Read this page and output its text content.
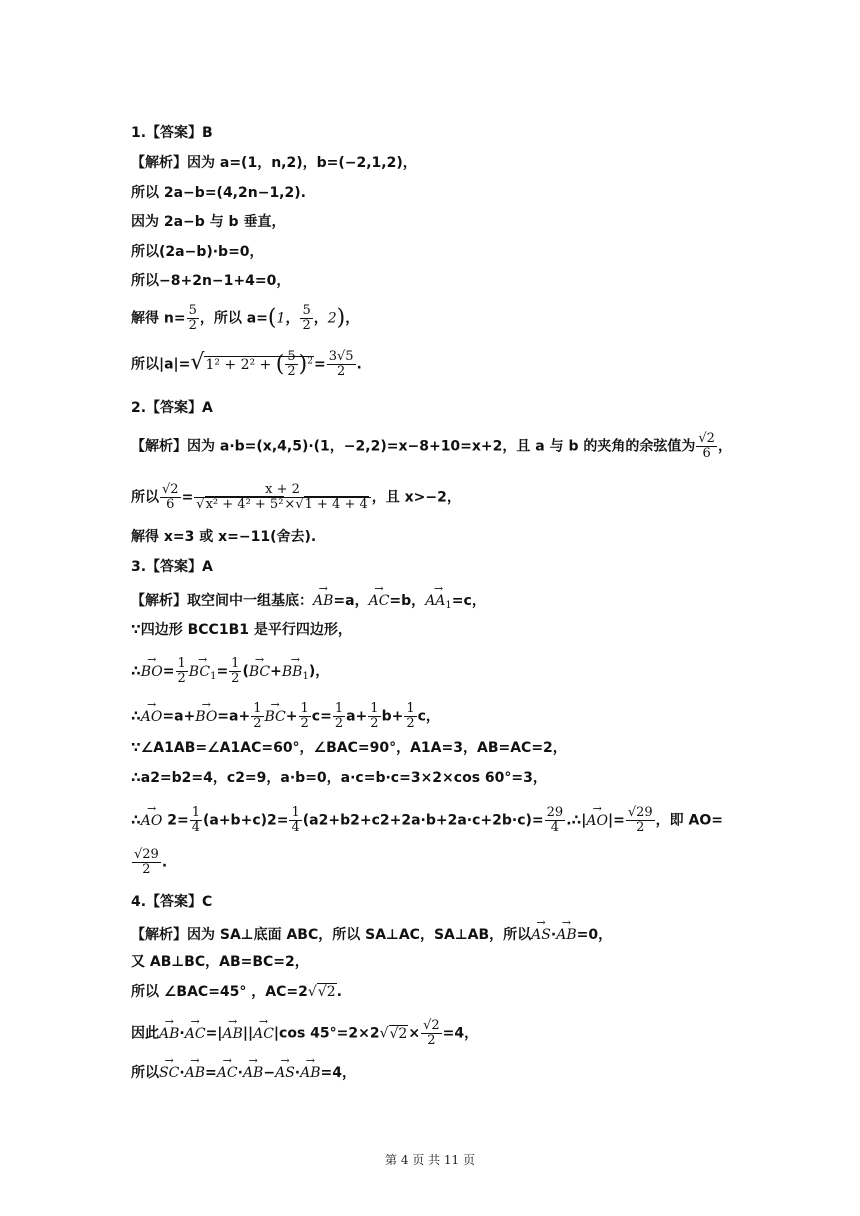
1.【答案】B
【解析】因为 a=(1，n,2)，b=(−2,1,2)，
所以 2a−b=(4,2n−1,2).
因为 2a−b 与 b 垂直，
所以(2a−b)·b=0，
所以−8+2n−1+4=0，
解得 $n= \frac{5}{2}$ ，所以 a=(1， $\frac{5}{2}$ ，2)，
所以|a|=√1² + 2² + ( $\frac{5}{2} )^2= \frac{3√5}{2}$ .
2.【答案】A
【解析】因为 a·b=(x,4,5)·(1，−2,2)=x−8+10=x+2，且 a 与 b 的夹角的余弦值为 $\frac{√2}{6}$ ，
所以 $\frac{√2}{6} = \frac{x + 2}{\text{√x² + 4² + 5²×√1 + 4 + 4}}$ ，且 x>−2，
解得 x=3 或 x=−11(舍去).
3.【答案】A
【解析】取空间中一组基底：→ AB=a，→ AC=b，→ $AA_1=c$，
∵四边形 BCC1B1 是平行四边形，
∴→ $BO= \frac{1}{2}$
→ $BC_1= \frac{1}{2}$ (→ $BC+\to BB_1$)，
∴→ $AO=a+\to BO=a+ \frac{1}{2}$
→ $BC+ \frac{1}{2} c= \frac{1}{2} a+ \frac{1}{2} b+ \frac{1}{2}$ c，
∵∠A1AB=∠A1AC=60°，∠BAC=90°，A1A=3，AB=AC=2，
∴a2=b2=4，c2=9，a·b=0，a·c=b·c=3×2×cos 60°=3，
∴→ AO $2= \frac{1}{4} (a+b+c)2= \frac{1}{4} (a2+b2+c2+2a\cdot b+2a\cdot c+2b\cdot c)= \frac{29}{4}$ .∴|→ $AO|= \frac{√29}{2}$ ，即 AO=
$\frac{√29}{2}$ .
4.【答案】C
【解析】因为 SA⊥底面 ABC，所以 SA⊥AC，SA⊥AB，所以→ AS·→ AB=0，
又 AB⊥BC，AB=BC=2，
所以 ∠BAC=45° ，AC=2√√2.
因此→ AB·→ AC=|→ AB||→ AC|cos $45^\circ=2\times 2√√2\times \frac{√2}{2} =4$，
所以→ SC·→ AB=→ AC·→ AB−→ AS·→ AB=4，
第 4 页 共 11 页
